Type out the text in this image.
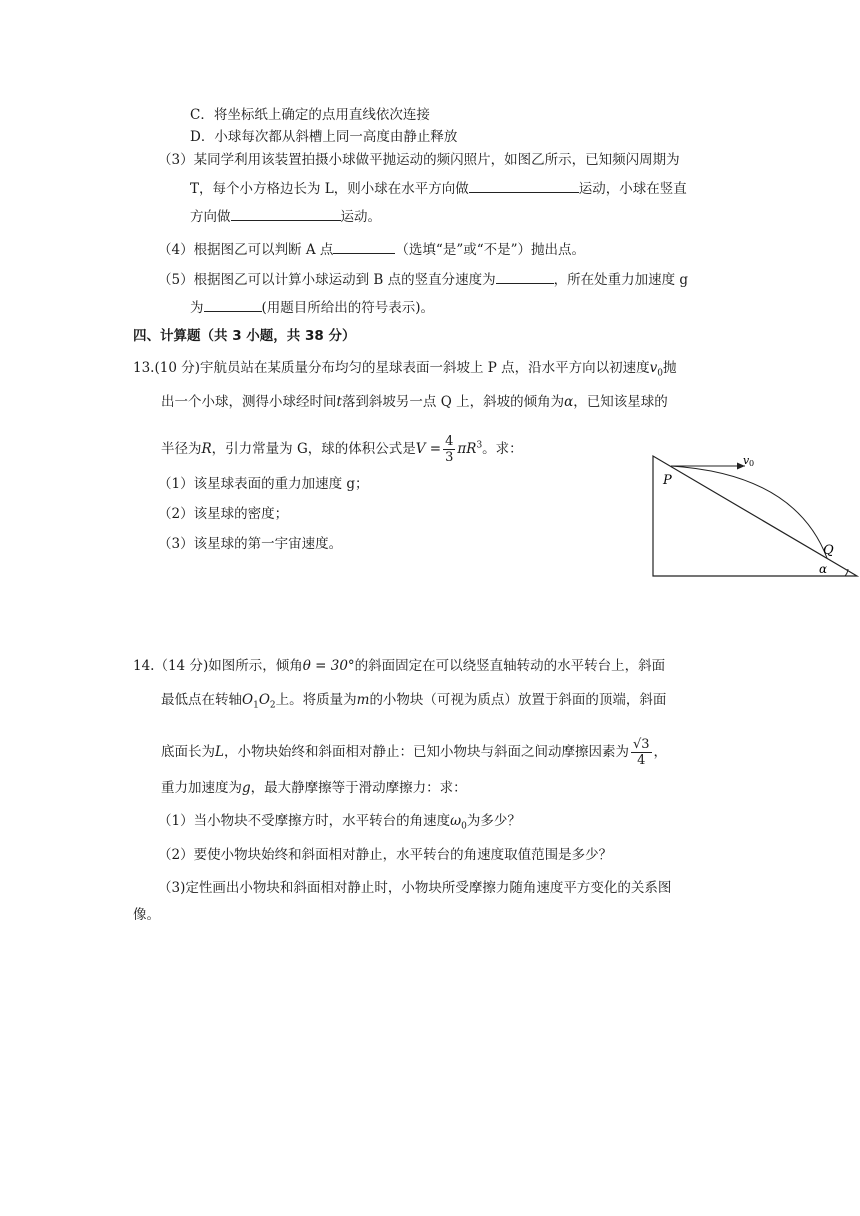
C．将坐标纸上确定的点用直线依次连接
D．小球每次都从斜槽上同一高度由静止释放
（3）某同学利用该装置拍摄小球做平抛运动的频闪照片，如图乙所示，已知频闪周期为
T，每个小方格边长为 L，则小球在水平方向做	运动，小球在竖直
方向做	运动。
（4）根据图乙可以判断 A 点	（选填“是”或“不是”）抛出点。
（5）根据图乙可以计算小球运动到 B 点的竖直分速度为	，所在处重力加速度 g
为	(用题目所给出的符号表示)。
四、计算题（共 3 小题，共 38 分）
13.(10 分)宇航员站在某质量分布均匀的星球表面一斜坡上 P 点，沿水平方向以初速度$v_0$抛
出一个小球，测得小球经时间t落到斜坡另一点 Q 上，斜坡的倾角为α，已知该星球的
半径为R，引力常量为 G，球的体积公式是$V = \frac{4}{3} \pi R^3$。求：
（1）该星球表面的重力加速度 g；
（2）该星球的密度；
（3）该星球的第一宇宙速度。
P
Q
α
v 0
14.（14 分)如图所示，倾角θ = 30°的斜面固定在可以绕竖直轴转动的水平转台上，斜面
最低点在转轴$O_1O_2$上。将质量为m的小物块（可视为质点）放置于斜面的顶端，斜面
底面长为L，小物块始终和斜面相对静止：已知小物块与斜面之间动摩擦因素为 $\frac{√3}{4}$ ，
重力加速度为g，最大静摩擦等于滑动摩擦力：求：
（1）当小物块不受摩擦方时，水平转台的角速度$\omega_0$为多少？
（2）要使小物块始终和斜面相对静止，水平转台的角速度取值范围是多少？
（3)定性画出小物块和斜面相对静止时，小物块所受摩擦力随角速度平方变化的关系图
像。
